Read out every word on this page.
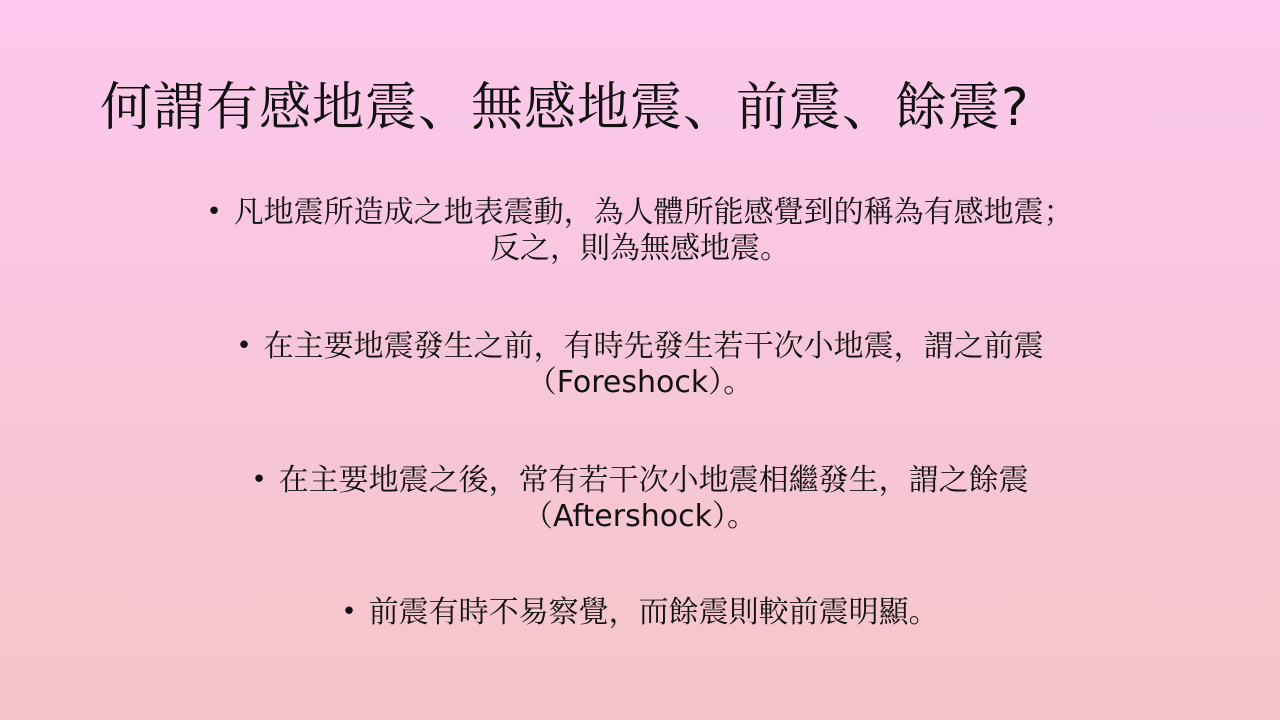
何謂有感地震、無感地震、前震、餘震?
• 凡地震所造成之地表震動，為人體所能感覺到的稱為有感地震；
反之，則為無感地震。
• 在主要地震發生之前，有時先發生若干次小地震，謂之前震
（Foreshock）。
• 在主要地震之後，常有若干次小地震相繼發生，謂之餘震
（Aftershock）。
• 前震有時不易察覺，而餘震則較前震明顯。
